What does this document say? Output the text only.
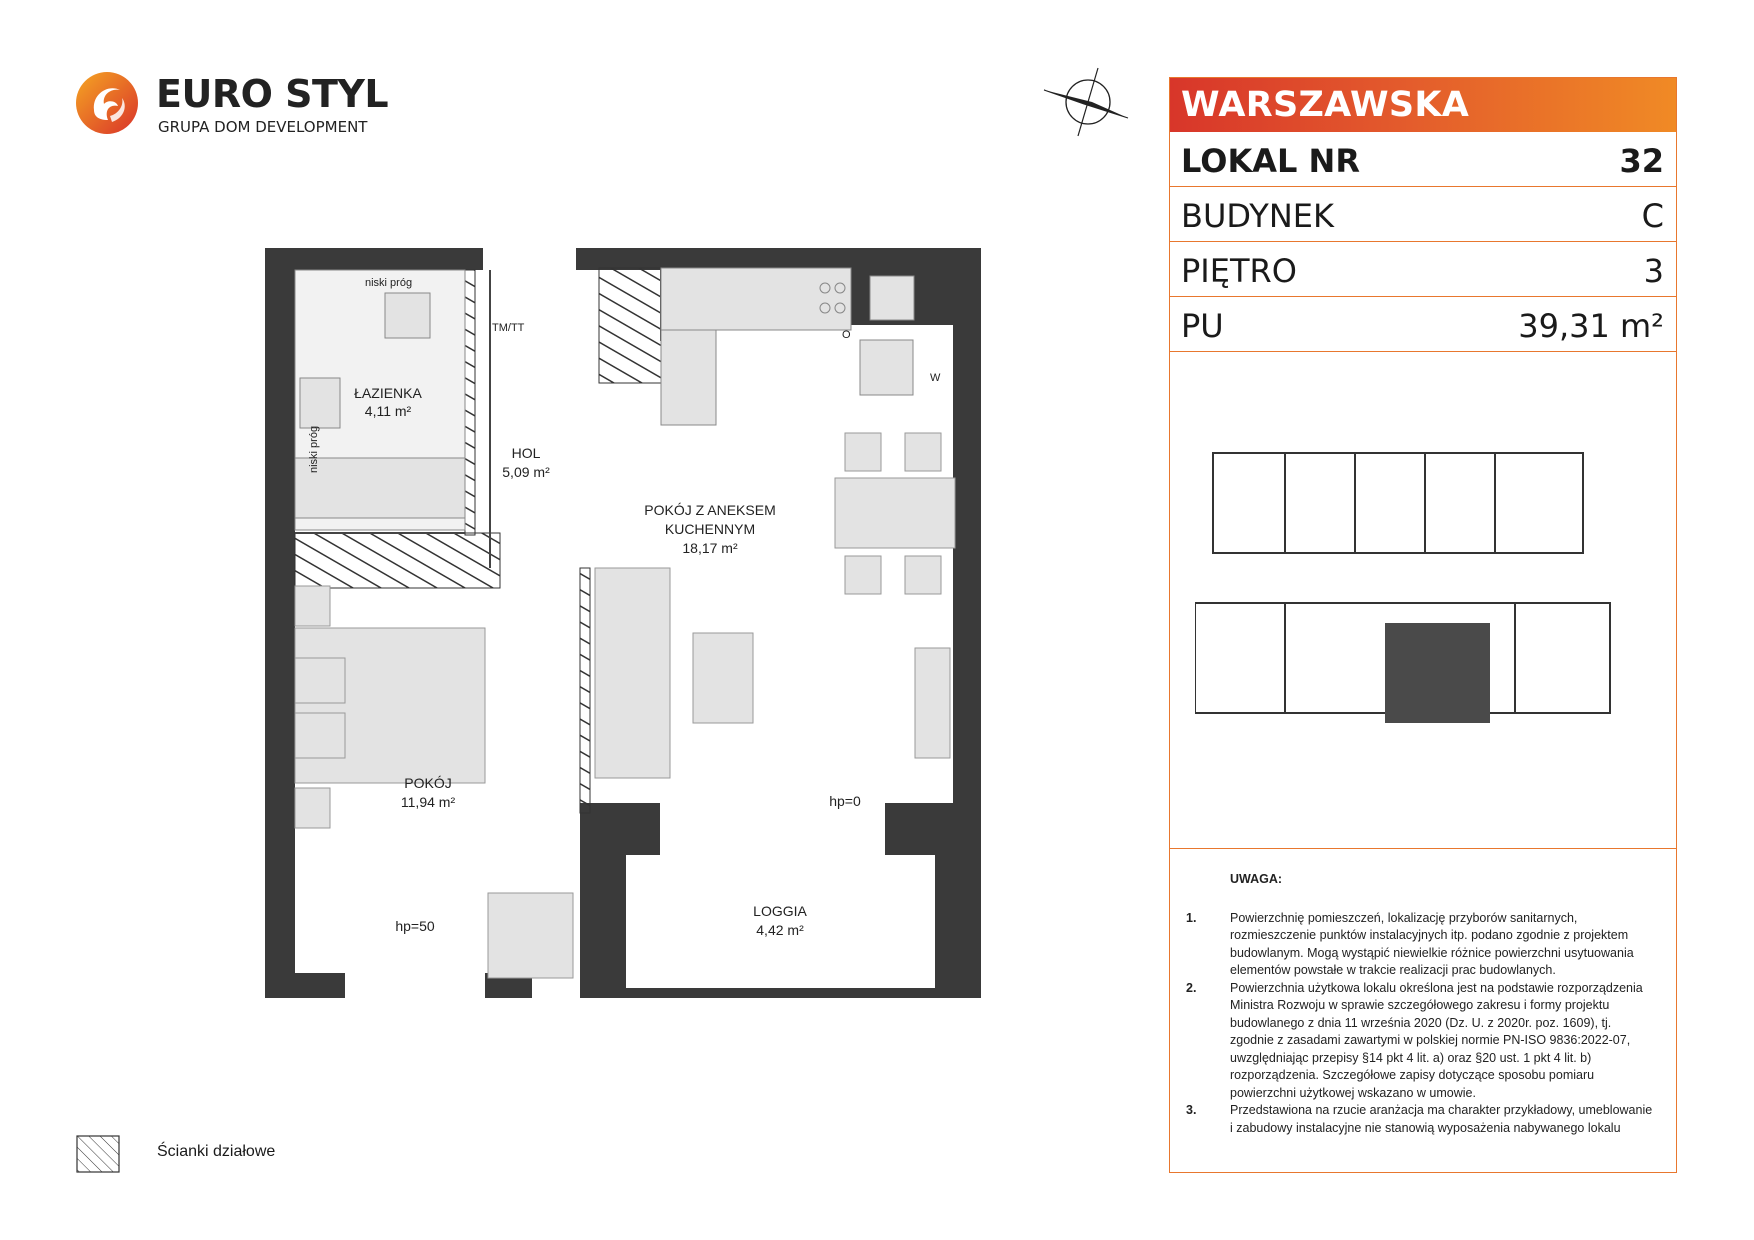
EURO STYL
GRUPA DOM DEVELOPMENT
WARSZAWSKA
LOKAL NR	32
BUDYNEK	C
PIĘTRO	3
PU	39,31 m²
UWAGA:
1.	Powierzchnię pomieszczeń, lokalizację przyborów sanitarnych, rozmieszczenie punktów instalacyjnych itp. podano zgodnie z projektem budowlanym. Mogą wystąpić niewielkie różnice powierzchni usytuowania elementów powstałe w trakcie realizacji prac budowlanych.
2.	Powierzchnia użytkowa lokalu określona jest na podstawie rozporządzenia Ministra Rozwoju w sprawie szczegółowego zakresu i formy projektu budowlanego z dnia 11 września 2020 (Dz. U. z 2020r. poz. 1609), tj. zgodnie z zasadami zawartymi w polskiej normie PN-ISO 9836:2022-07, uwzględniając przepisy §14 pkt 4 lit. a) oraz §20 ust. 1 pkt 4 lit. b) rozporządzenia. Szczegółowe zapisy dotyczące sposobu pomiaru powierzchni użytkowej wskazano w umowie.
3.	Przedstawiona na rzucie aranżacja ma charakter przykładowy, umeblowanie i zabudowy instalacyjne nie stanowią wyposażenia nabywanego lokalu
ŁAZIENKA
4,11 m²
HOL
5,09 m²
POKÓJ Z ANEKSEM
KUCHENNYM
18,17 m²
POKÓJ
11,94 m²
LOGGIA
4,42 m²
niski próg
niski próg
TM/TT
O
W
hp=0
hp=50
Ścianki działowe
